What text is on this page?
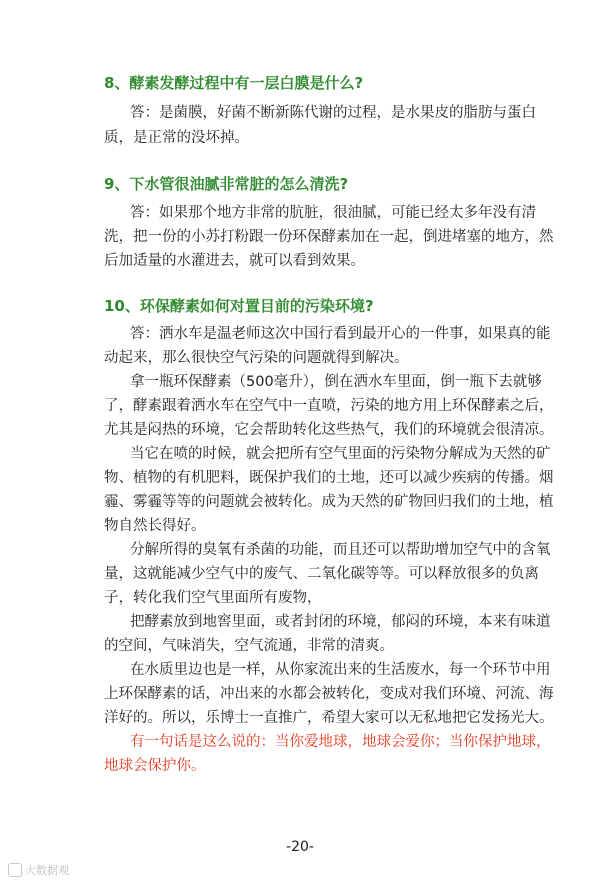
8、酵素发酵过程中有一层白膜是什么?
答：是菌膜，好菌不断新陈代谢的过程，是水果皮的脂肪与蛋白
质，是正常的没坏掉。
9、下水管很油腻非常脏的怎么清洗?
答：如果那个地方非常的肮脏，很油腻，可能已经太多年没有清
洗，把一份的小苏打粉跟一份环保酵素加在一起，倒进堵塞的地方，然
后加适量的水灌进去，就可以看到效果。
10、环保酵素如何对置目前的污染环境?
答：洒水车是温老师这次中国行看到最开心的一件事，如果真的能
动起来，那么很快空气污染的问题就得到解决。
拿一瓶环保酵素（500毫升），倒在洒水车里面，倒一瓶下去就够
了，酵素跟着洒水车在空气中一直喷，污染的地方用上环保酵素之后，
尤其是闷热的环境，它会帮助转化这些热气，我们的环境就会很清凉。
当它在喷的时候，就会把所有空气里面的污染物分解成为天然的矿
物、植物的有机肥料，既保护我们的土地，还可以减少疾病的传播。烟
霾、雾霾等等的问题就会被转化。成为天然的矿物回归我们的土地，植
物自然长得好。
分解所得的臭氧有杀菌的功能，而且还可以帮助增加空气中的含氧
量，这就能减少空气中的废气、二氧化碳等等。可以释放很多的负离
子，转化我们空气里面所有废物，
把酵素放到地窖里面，或者封闭的环境，郁闷的环境，本来有味道
的空间，气味消失，空气流通，非常的清爽。
在水质里边也是一样，从你家流出来的生活废水，每一个环节中用
上环保酵素的话，冲出来的水都会被转化，变成对我们环境、河流、海
洋好的。所以，乐博士一直推广，希望大家可以无私地把它发扬光大。
有一句话是这么说的：当你爱地球，地球会爱你；当你保护地球，
地球会保护你。
-20-
大数据观
